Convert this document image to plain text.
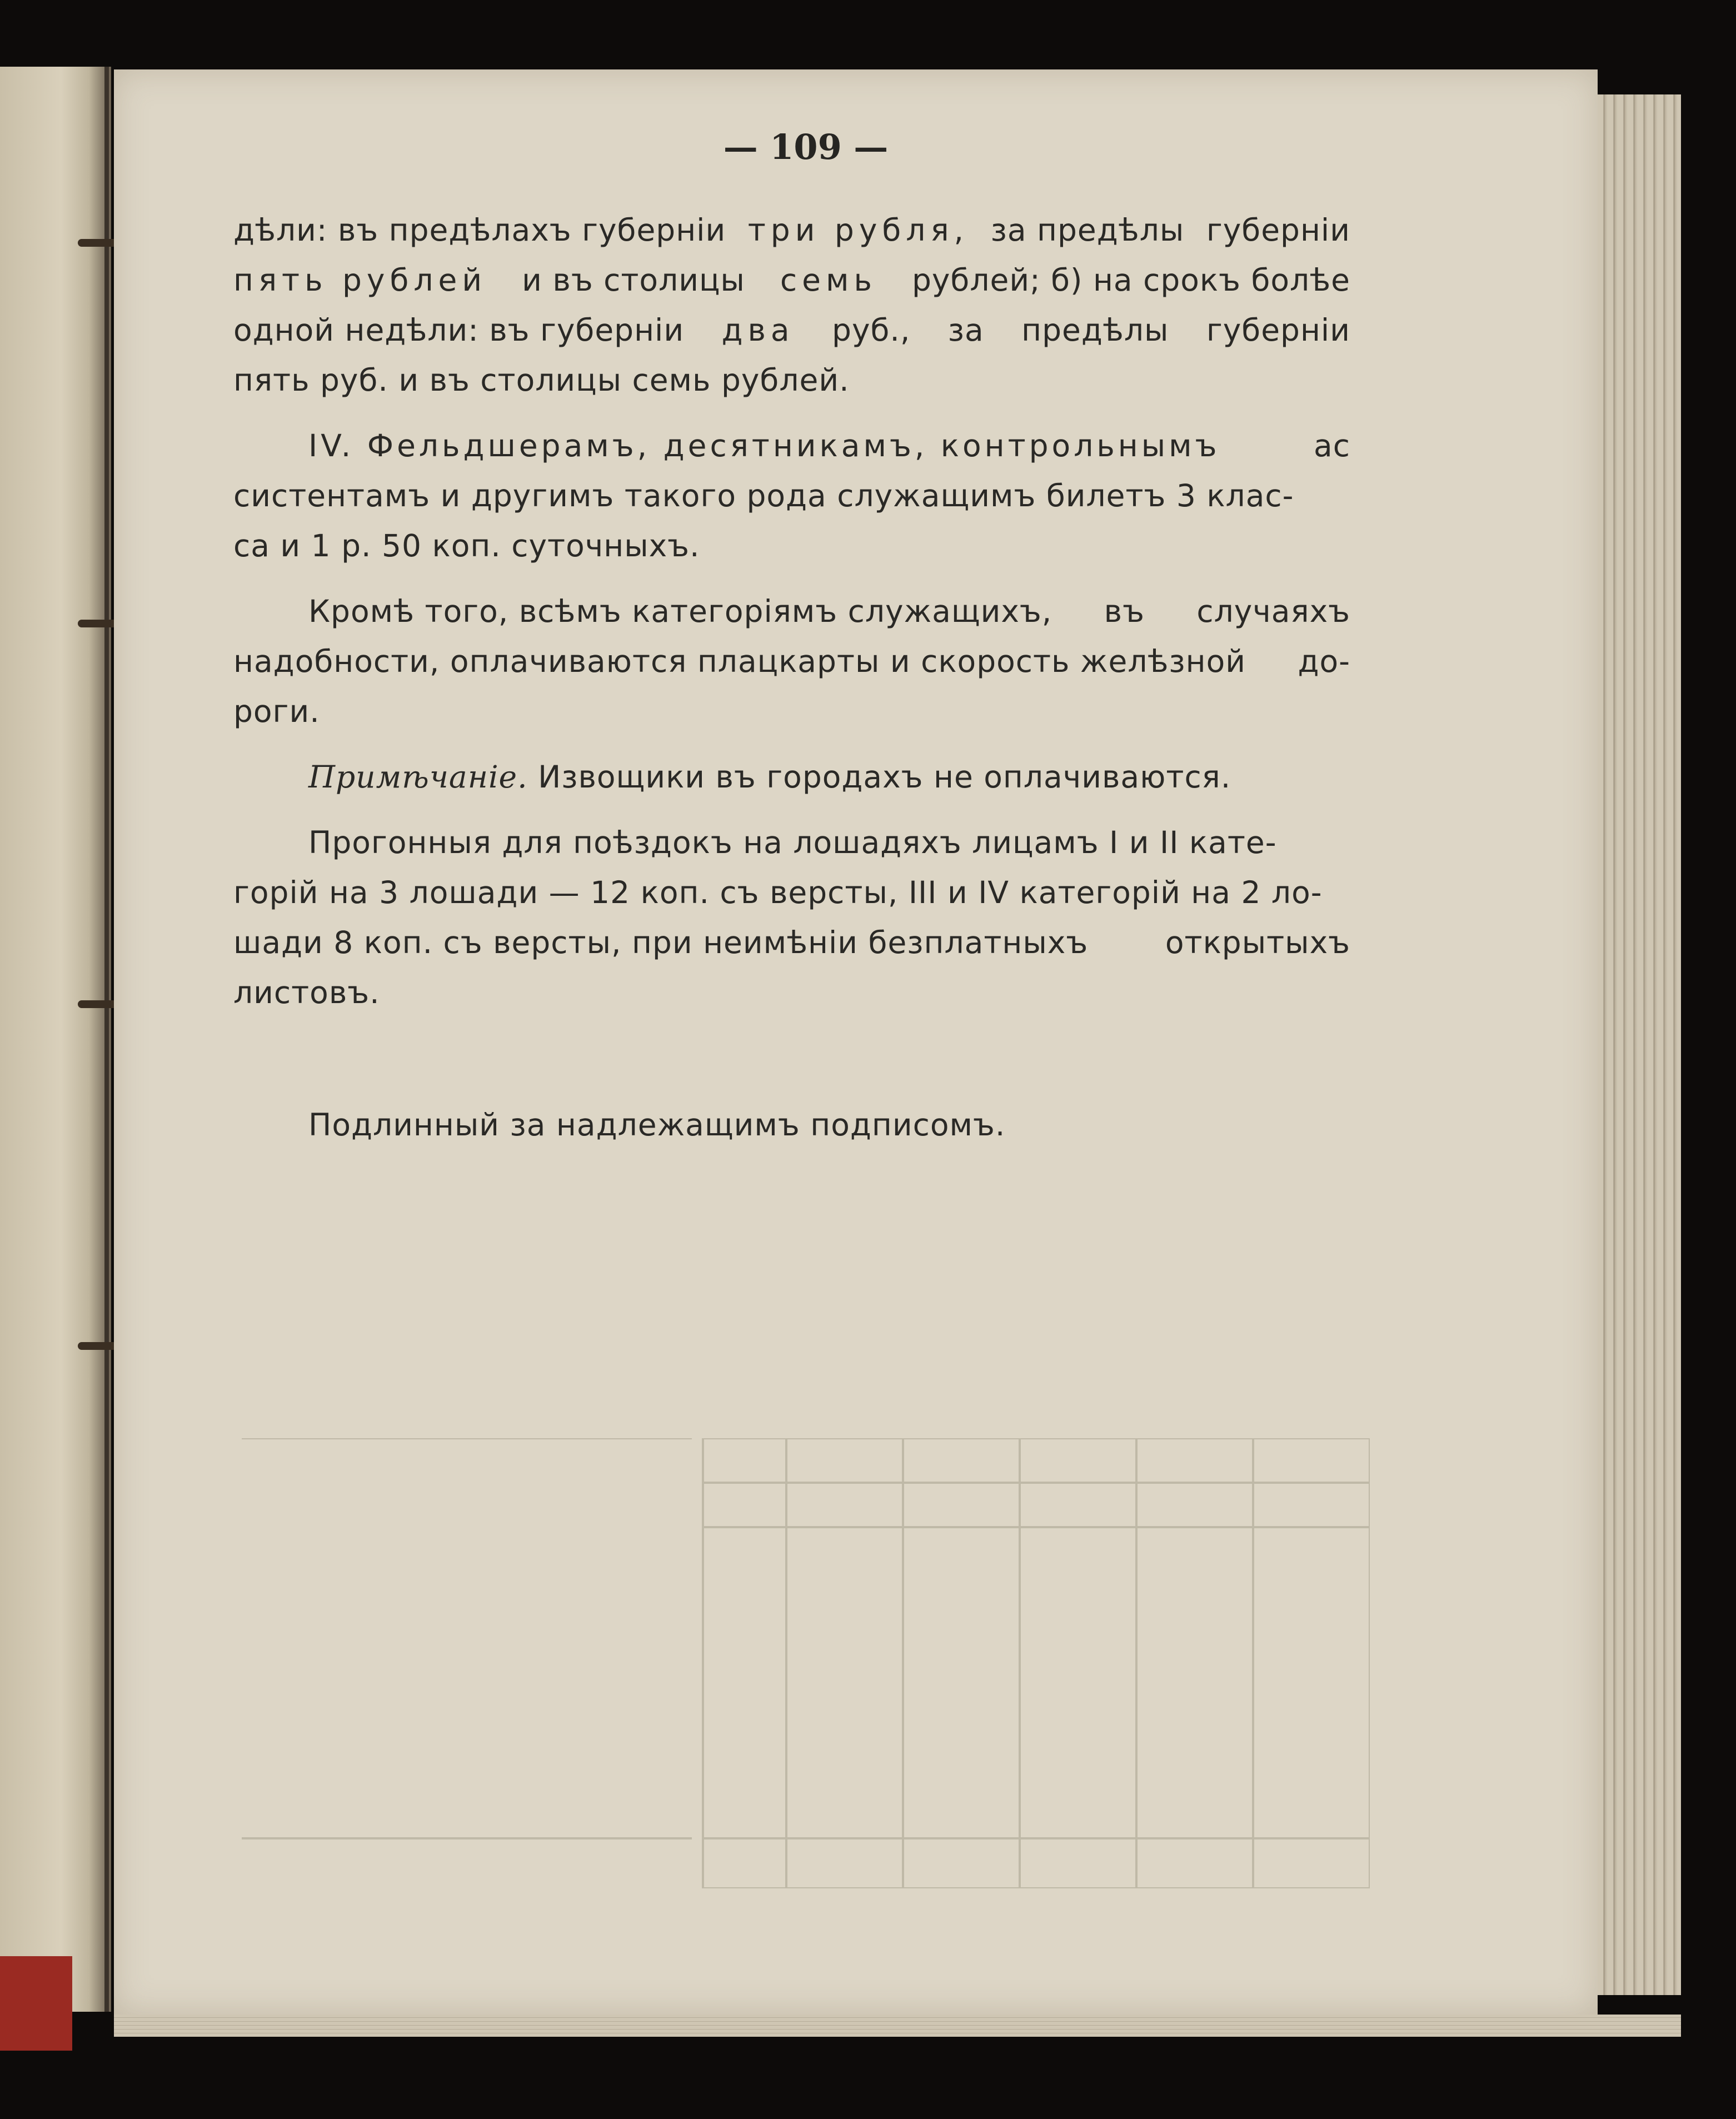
— 109 —
дѣли: въ предѣлахъ губерніи три рубля, за предѣлы губерніи
пять рублей и въ столицы семь рублей; б) на срокъ болѣе
одной недѣли: въ губерніи два руб., за предѣлы губерніи
пять руб. и въ столицы семь рублей.
IV. Фельдшерамъ, десятникамъ, контрольнымъ	ас
систентамъ и другимъ такого рода служащимъ билетъ 3 клас-
са и 1 р. 50 коп. суточныхъ.
Кромѣ того, всѣмъ категоріямъ служащихъ, въ случаяхъ
надобности, оплачиваются плацкарты и скорость желѣзной до-
роги.
Примѣчаніе. Извощики въ городахъ не оплачиваются.
Прогонныя для поѣздокъ на лошадяхъ лицамъ I и II кате-
горій на 3 лошади — 12 коп. съ версты, III и IV категорій на 2 ло-
шади 8 коп. съ версты, при неимѣніи безплатныхъ	открытыхъ
листовъ.
Подлинный за надлежащимъ подписомъ.
